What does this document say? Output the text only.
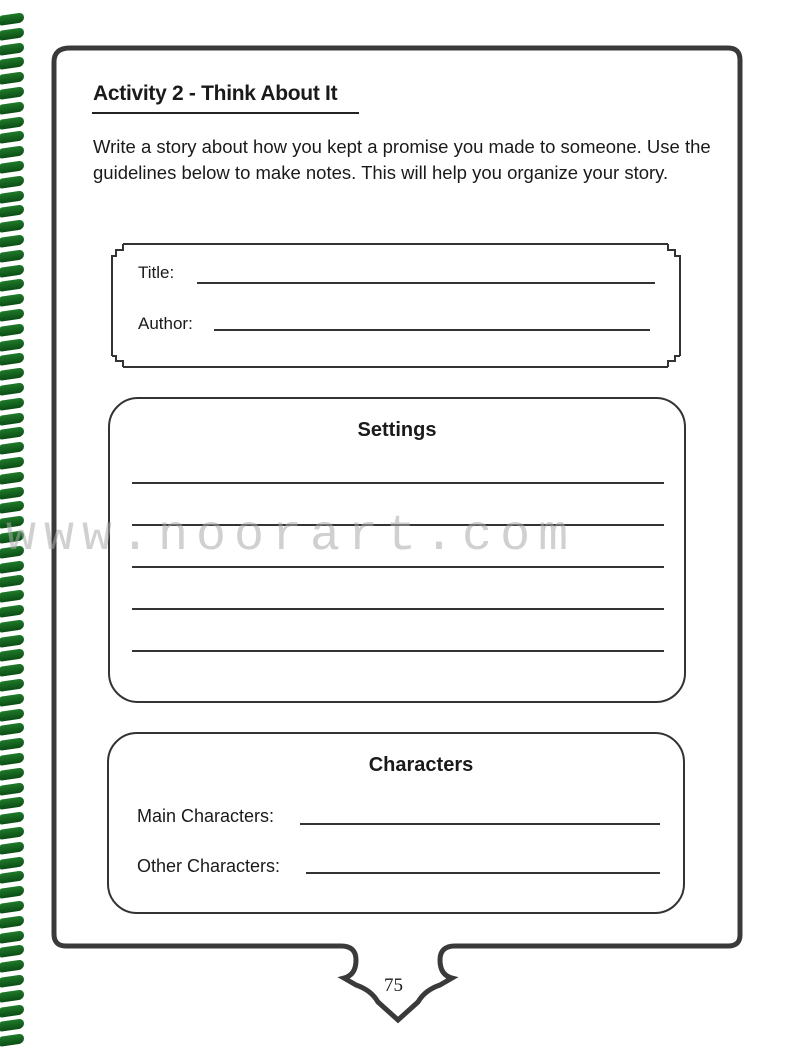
Activity 2 - Think About It
Write a story about how you kept a promise you made to someone. Use the guidelines below to make notes. This will help you organize your story.
Title:
Author:
Settings
Characters
Main Characters:
Other Characters:
75
www.noorart.com
